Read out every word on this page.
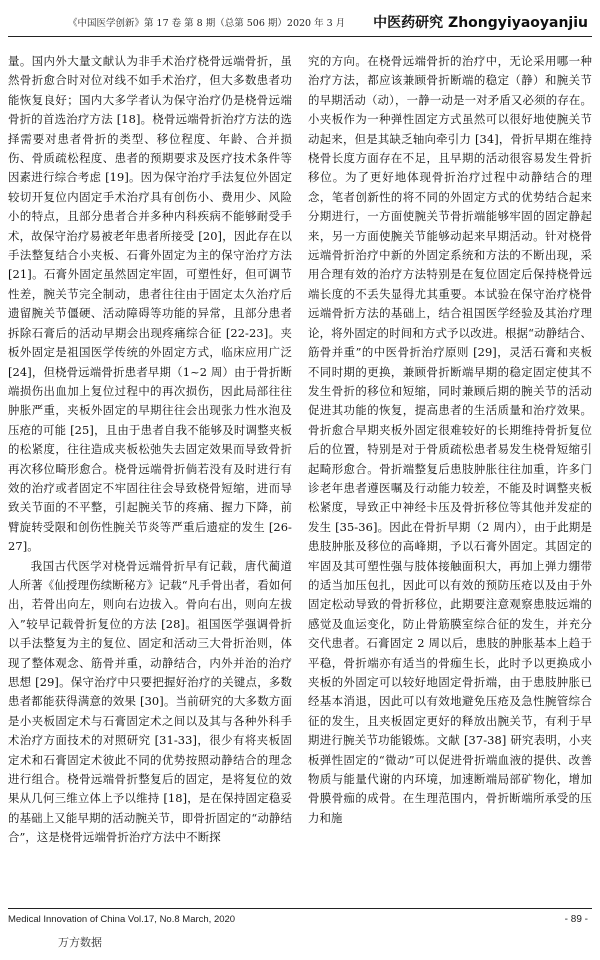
《中国医学创新》第 17 卷 第 8 期（总第 506 期）2020 年 3 月 中医药研究 Zhongyiyaoyanjiu

量。国内外大量文献认为非手术治疗桡骨远端骨折，虽然骨折愈合时对位对线不如手术治疗，但大多数患者功能恢复良好；国内大多学者认为保守治疗仍是桡骨远端骨折的首选治疗方法 [18]。桡骨远端骨折治疗方法的选择需要对患者骨折的类型、移位程度、年龄、合并损伤、骨质疏松程度、患者的预期要求及医疗技术条件等因素进行综合考虑 [19]。因为保守治疗手法复位外固定较切开复位内固定手术治疗具有创伤小、费用少、风险小的特点，且部分患者合并多种内科疾病不能够耐受手术，故保守治疗易被老年患者所接受 [20]，因此存在以手法整复结合小夹板、石膏外固定为主的保守治疗方法 [21]。石膏外固定虽然固定牢固，可塑性好，但可调节性差，腕关节完全制动，患者往往由于固定太久治疗后遗留腕关节僵硬、活动障碍等功能的异常，且部分患者拆除石膏后的活动早期会出现疼痛综合征 [22-23]。夹板外固定是祖国医学传统的外固定方式，临床应用广泛 [24]，但桡骨远端骨折患者早期（1~2 周）由于骨折断端损伤出血加上复位过程中的再次损伤，因此局部往往肿胀严重，夹板外固定的早期往往会出现张力性水泡及压疮的可能 [25]，且由于患者自我不能够及时调整夹板的松紧度，往往造成夹板松弛失去固定效果而导致骨折再次移位畸形愈合。桡骨远端骨折倘若没有及时进行有效的治疗或者固定不牢固往往会导致桡骨短缩，进而导致关节面的不平整，引起腕关节的疼痛、握力下降，前臂旋转受限和创伤性腕关节炎等严重后遗症的发生 [26-27]。

我国古代医学对桡骨远端骨折早有记载，唐代蔺道人所著《仙授理伤续断秘方》记载“凡手骨出者，看如何出，若骨出向左，则向右边拔入。骨向右出，则向左拔入”较早记载骨折复位的方法 [28]。祖国医学强调骨折以手法整复为主的复位、固定和活动三大骨折治则，体现了整体观念、筋骨并重，动静结合，内外并治的治疗思想 [29]。保守治疗中只要把握好治疗的关键点，多数患者都能获得满意的效果 [30]。当前研究的大多数方面是小夹板固定术与石膏固定术之间以及其与各种外科手术治疗方面技术的对照研究 [31-33]，很少有将夹板固定术和石膏固定术彼此不同的优势按照动静结合的理念进行组合。桡骨远端骨折整复后的固定，是将复位的效果从几何三维立体上予以维持 [18]，是在保持固定稳妥的基础上又能早期的活动腕关节，即骨折固定的“动静结合”，这是桡骨远端骨折治疗方法中不断探

究的方向。在桡骨远端骨折的治疗中，无论采用哪一种治疗方法，都应该兼顾骨折断端的稳定（静）和腕关节的早期活动（动），一静一动是一对矛盾又必须的存在。小夹板作为一种弹性固定方式虽然可以很好地使腕关节动起来，但是其缺乏轴向牵引力 [34]，骨折早期在维持桡骨长度方面存在不足，且早期的活动很容易发生骨折移位。为了更好地体现骨折治疗过程中动静结合的理念，笔者创新性的将不同的外固定方式的优势结合起来分期进行，一方面使腕关节骨折端能够牢固的固定静起来，另一方面使腕关节能够动起来早期活动。针对桡骨远端骨折治疗中新的外固定系统和方法的不断出现，采用合理有效的治疗方法特别是在复位固定后保持桡骨远端长度的不丢失显得尤其重要。本试验在保守治疗桡骨远端骨折方法的基础上，结合祖国医学经验及其治疗理论，将外固定的时间和方式予以改进。根据“动静结合、筋骨并重”的中医骨折治疗原则 [29]，灵活石膏和夹板不同时期的更换，兼顾骨折断端早期的稳定固定使其不发生骨折的移位和短缩，同时兼顾后期的腕关节的活动促进其功能的恢复，提高患者的生活质量和治疗效果。骨折愈合早期夹板外固定很难较好的长期维持骨折复位后的位置，特别是对于骨质疏松患者易发生桡骨短缩引起畸形愈合。骨折端整复后患肢肿胀往往加重，许多门诊老年患者遵医嘱及行动能力较差，不能及时调整夹板松紧度，导致正中神经卡压及骨折移位等其他并发症的发生 [35-36]。因此在骨折早期（2 周内），由于此期是患肢肿胀及移位的高峰期，予以石膏外固定。其固定的牢固及其可塑性强与肢体接触面积大，再加上弹力绷带的适当加压包扎，因此可以有效的预防压疮以及由于外固定松动导致的骨折移位，此期要注意观察患肢远端的感觉及血运变化，防止骨筋膜室综合征的发生，并充分交代患者。石膏固定 2 周以后，患肢的肿胀基本上趋于平稳，骨折端亦有适当的骨痂生长，此时予以更换成小夹板的外固定可以较好地固定骨折端，由于患肢肿胀已经基本消退，因此可以有效地避免压疮及急性腕管综合征的发生，且夹板固定更好的释放出腕关节，有利于早期进行腕关节功能锻炼。文献 [37-38] 研究表明，小夹板弹性固定的“微动”可以促进骨折端血液的提供、改善物质与能量代谢的内环境，加速断端局部矿物化，增加骨膜骨痂的成骨。在生理范围内，骨折断端所承受的压力和施

Medical Innovation of China Vol.17, No.8 March, 2020	- 89 -
万方数据
